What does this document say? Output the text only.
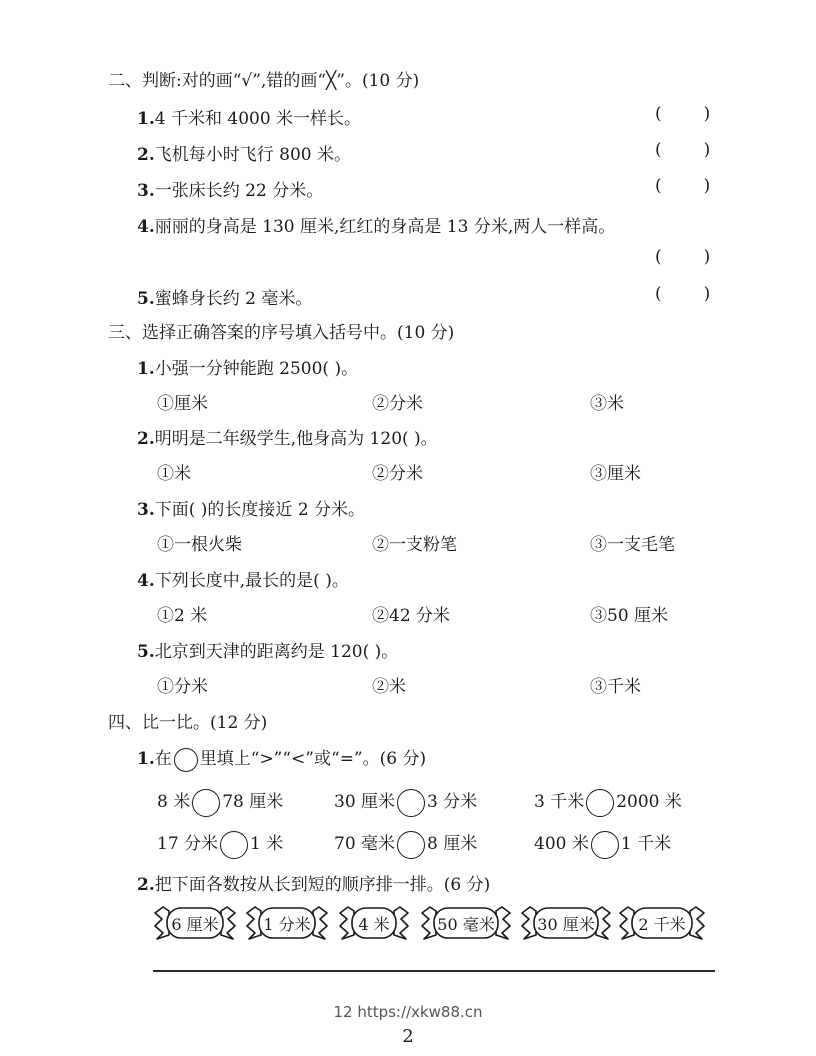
二、判断:对的画“√”,错的画“╳”。(10 分)
1.4 千米和 4000 米一样长。	( )
2.飞机每小时飞行 800 米。	( )
3.一张床长约 22 分米。	( )
4.丽丽的身高是 130 厘米,红红的身高是 13 分米,两人一样高。
( )
5.蜜蜂身长约 2 毫米。	( )
三、选择正确答案的序号填入括号中。(10 分)
1.小强一分钟能跑 2500( )。
①厘米	②分米	③米
2.明明是二年级学生,他身高为 120( )。
①米	②分米	③厘米
3.下面( )的长度接近 2 分米。
①一根火柴	②一支粉笔	③一支毛笔
4.下列长度中,最长的是( )。
①2 米	②42 分米	③50 厘米
5.北京到天津的距离约是 120( )。
①分米	②米	③千米
四、比一比。(12 分)
1.在 里填上“>”“<”或“=”。(6 分)
8 米 78 厘米	30 厘米 3 分米	3 千米 2000 米
17 分米 1 米	70 毫米 8 厘米	400 米 1 千米
2.把下面各数按从长到短的顺序排一排。(6 分)
6 厘米	1 分米	4 米	50 毫米	30 厘米	2 千米
12 https://xkw88.cn
2
